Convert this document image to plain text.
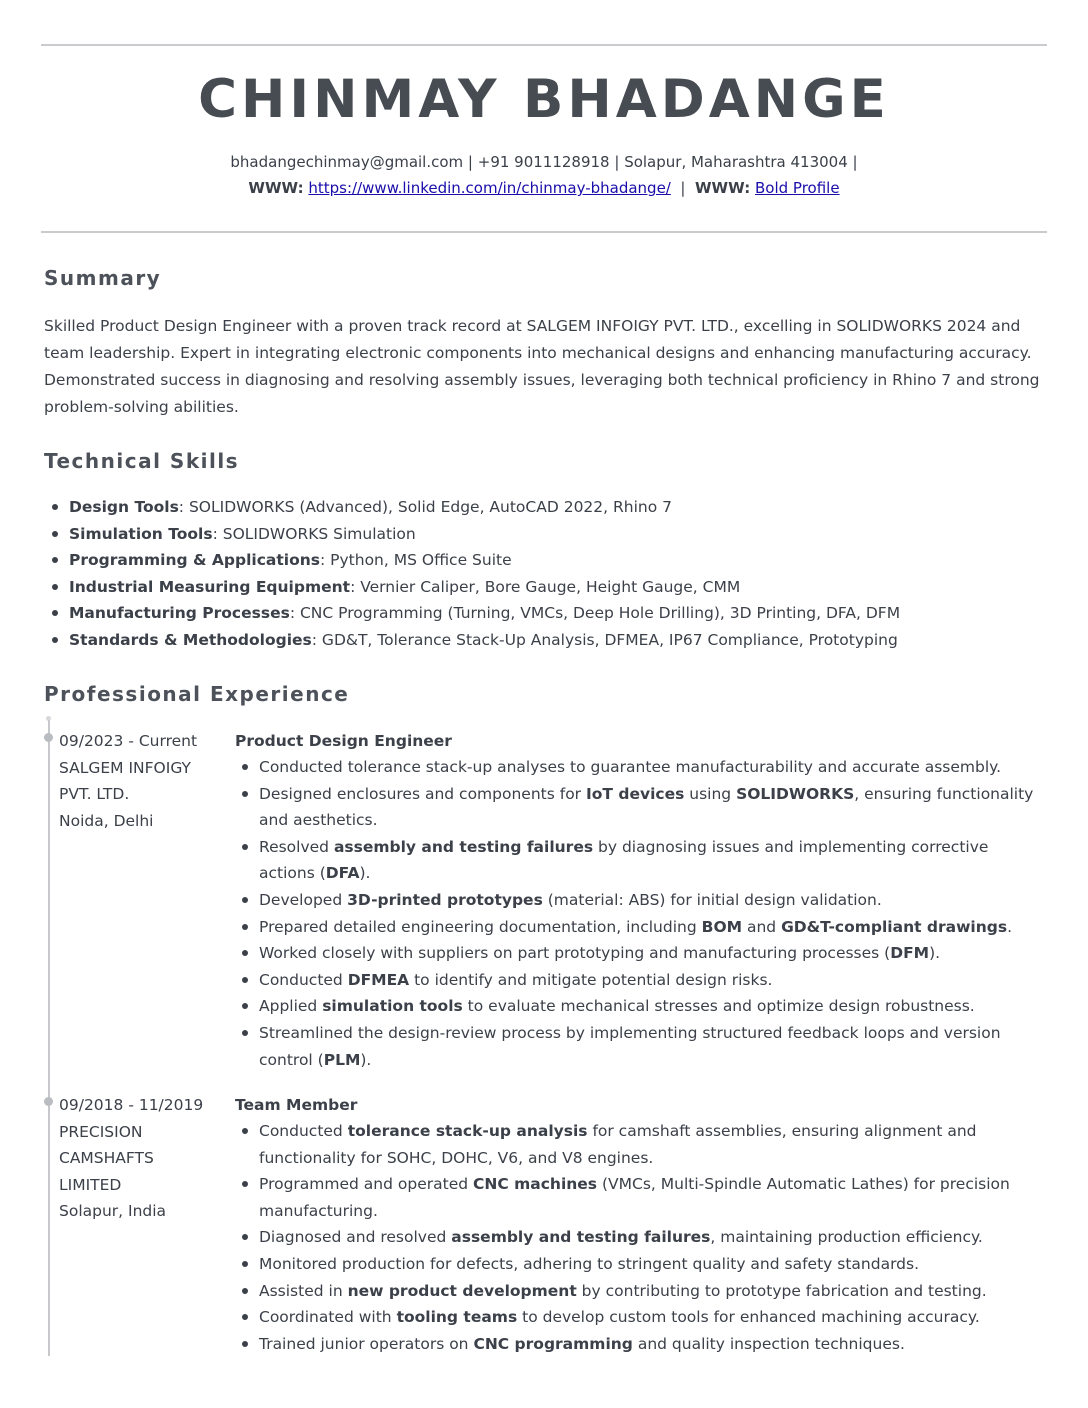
CHINMAY BHADANGE
bhadangechinmay@gmail.com | +91 9011128918 | Solapur, Maharashtra 413004 |
WWW: https://www.linkedin.com/in/chinmay-bhadange/ | WWW: Bold Profile
Summary

Skilled Product Design Engineer with a proven track record at SALGEM INFOIGY PVT. LTD., excelling in SOLIDWORKS 2024 and team leadership. Expert in integrating electronic components into mechanical designs and enhancing manufacturing accuracy. Demonstrated success in diagnosing and resolving assembly issues, leveraging both technical proficiency in Rhino 7 and strong problem-solving abilities.

Technical Skills
Design Tools: SOLIDWORKS (Advanced), Solid Edge, AutoCAD 2022, Rhino 7
Simulation Tools: SOLIDWORKS Simulation
Programming & Applications: Python, MS Office Suite
Industrial Measuring Equipment: Vernier Caliper, Bore Gauge, Height Gauge, CMM
Manufacturing Processes: CNC Programming (Turning, VMCs, Deep Hole Drilling), 3D Printing, DFA, DFM
Standards & Methodologies: GD&T, Tolerance Stack-Up Analysis, DFMEA, IP67 Compliance, Prototyping
Professional Experience
09/2023 - Current
SALGEM INFOIGY
PVT. LTD.
Noida, Delhi
Product Design Engineer
Conducted tolerance stack-up analyses to guarantee manufacturability and accurate assembly.
Designed enclosures and components for IoT devices using SOLIDWORKS, ensuring functionality and aesthetics.
Resolved assembly and testing failures by diagnosing issues and implementing corrective actions (DFA).
Developed 3D-printed prototypes (material: ABS) for initial design validation.
Prepared detailed engineering documentation, including BOM and GD&T-compliant drawings.
Worked closely with suppliers on part prototyping and manufacturing processes (DFM).
Conducted DFMEA to identify and mitigate potential design risks.
Applied simulation tools to evaluate mechanical stresses and optimize design robustness.
Streamlined the design-review process by implementing structured feedback loops and version control (PLM).
09/2018 - 11/2019
PRECISION
CAMSHAFTS
LIMITED
Solapur, India
Team Member
Conducted tolerance stack-up analysis for camshaft assemblies, ensuring alignment and functionality for SOHC, DOHC, V6, and V8 engines.
Programmed and operated CNC machines (VMCs, Multi-Spindle Automatic Lathes) for precision manufacturing.
Diagnosed and resolved assembly and testing failures, maintaining production efficiency.
Monitored production for defects, adhering to stringent quality and safety standards.
Assisted in new product development by contributing to prototype fabrication and testing.
Coordinated with tooling teams to develop custom tools for enhanced machining accuracy.
Trained junior operators on CNC programming and quality inspection techniques.
